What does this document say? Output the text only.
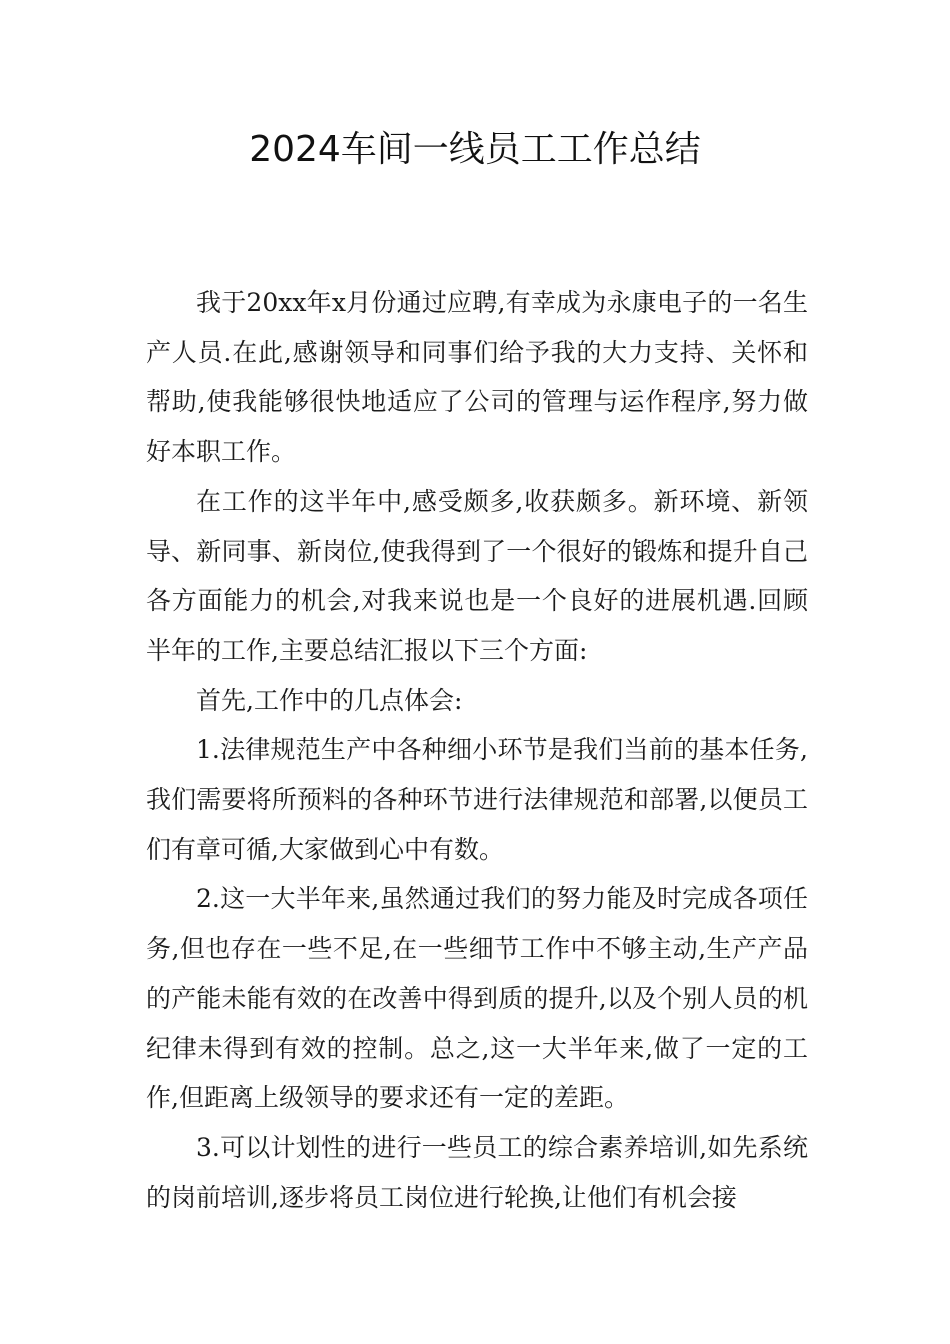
2024车间一线员工工作总结

我于20xx年x月份通过应聘,有幸成为永康电子的一名生产人员.在此,感谢领导和同事们给予我的大力支持、关怀和帮助,使我能够很快地适应了公司的管理与运作程序,努力做好本职工作。

在工作的这半年中,感受颇多,收获颇多。新环境、新领导、新同事、新岗位,使我得到了一个很好的锻炼和提升自己各方面能力的机会,对我来说也是一个良好的进展机遇.回顾半年的工作,主要总结汇报以下三个方面:

首先,工作中的几点体会:

1.法律规范生产中各种细小环节是我们当前的基本任务,我们需要将所预料的各种环节进行法律规范和部署,以便员工们有章可循,大家做到心中有数。

2.这一大半年来,虽然通过我们的努力能及时完成各项任务,但也存在一些不足,在一些细节工作中不够主动,生产产品的产能未能有效的在改善中得到质的提升,以及个别人员的机纪律未得到有效的控制。总之,这一大半年来,做了一定的工作,但距离上级领导的要求还有一定的差距。

3.可以计划性的进行一些员工的综合素养培训,如先系统的岗前培训,逐步将员工岗位进行轮换,让他们有机会接
